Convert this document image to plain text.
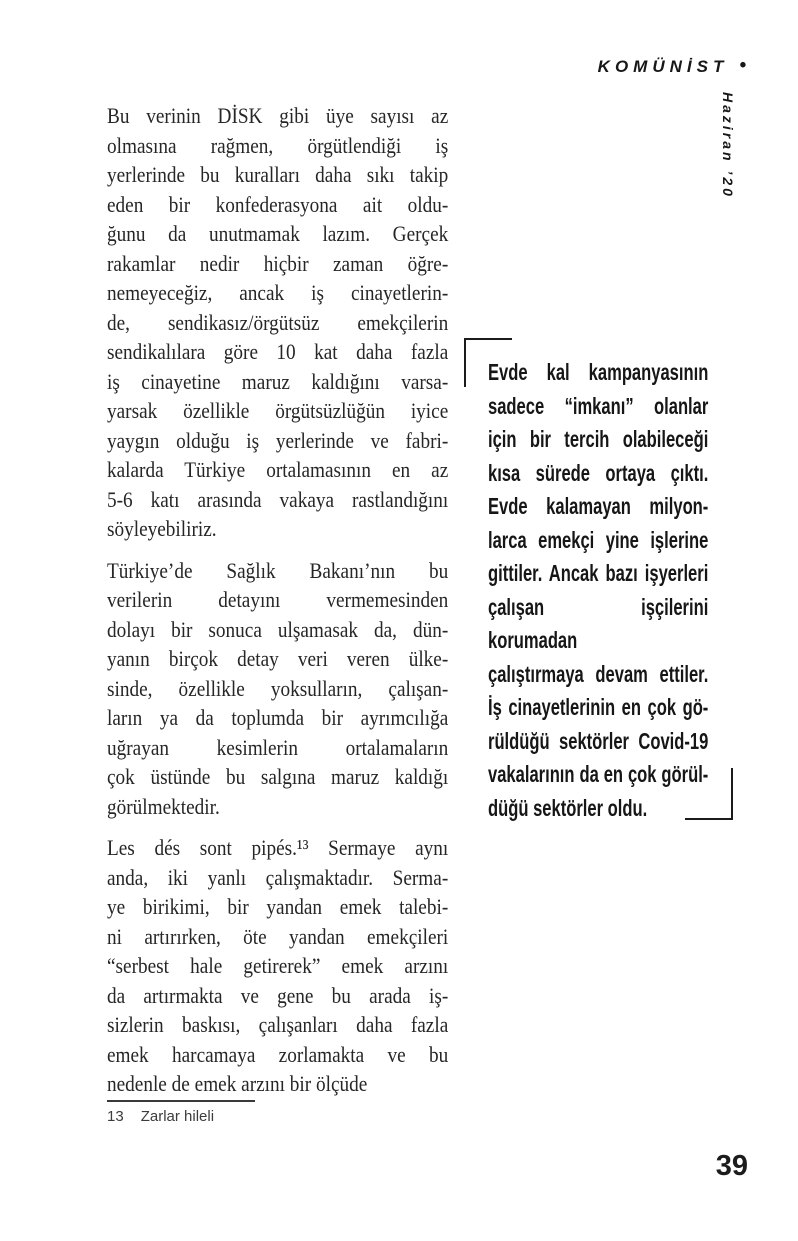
KOMÜNİST •
Haziran ’20
Bu verinin DİSK gibi üye sayısı az
olmasına rağmen, örgütlendiği iş
yerlerinde bu kuralları daha sıkı takip
eden bir konfederasyona ait oldu-
ğunu da unutmamak lazım. Gerçek
rakamlar nedir hiçbir zaman öğre-
nemeyeceğiz, ancak iş cinayetlerin-
de, sendikasız/örgütsüz emekçilerin
sendikalılara göre 10 kat daha fazla
iş cinayetine maruz kaldığını varsa-
yarsak özellikle örgütsüzlüğün iyice
yaygın olduğu iş yerlerinde ve fabri-
kalarda Türkiye ortalamasının en az
5-6 katı arasında vakaya rastlandığını
söyleyebiliriz.
Türkiye’de Sağlık Bakanı’nın bu
verilerin detayını vermemesinden
dolayı bir sonuca ulşamasak da, dün-
yanın birçok detay veri veren ülke-
sinde, özellikle yoksulların, çalışan-
ların ya da toplumda bir ayrımcılığa
uğrayan kesimlerin ortalamaların
çok üstünde bu salgına maruz kaldığı
görülmektedir.
Les dés sont pipés.¹³ Sermaye aynı
anda, iki yanlı çalışmaktadır. Serma-
ye birikimi, bir yandan emek talebi-
ni artırırken, öte yandan emekçileri
“serbest hale getirerek” emek arzını
da artırmakta ve gene bu arada iş-
sizlerin baskısı, çalışanları daha fazla
emek harcamaya zorlamakta ve bu
nedenle de emek arzını bir ölçüde
Evde kal kampanyasının
sadece “imkanı” olanlar
için bir tercih olabileceği
kısa sürede ortaya çıktı.
Evde kalamayan milyon-
larca emekçi yine işlerine
gittiler. Ancak bazı işyerleri
çalışan işçilerini korumadan
çalıştırmaya devam ettiler.
İş cinayetlerinin en çok gö-
rüldüğü sektörler Covid-19
vakalarının da en çok görül-
düğü sektörler oldu.
13 Zarlar hileli
39
